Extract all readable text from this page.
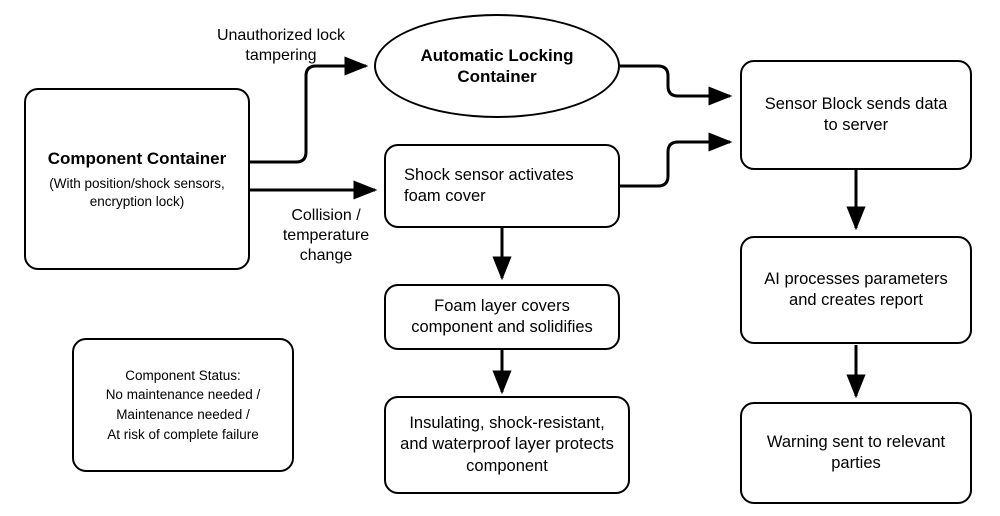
Component Container
(With position/shock sensors, encryption lock)
Automatic Locking
Container
Shock sensor activates foam cover
Foam layer covers component and solidifies
Insulating, shock-resistant, and waterproof layer protects component
Sensor Block sends data to server
AI processes parameters and creates report
Warning sent to relevant parties
Component Status:
No maintenance needed /
Maintenance needed /
At risk of complete failure
Unauthorized lock tampering
Collision / temperature change
